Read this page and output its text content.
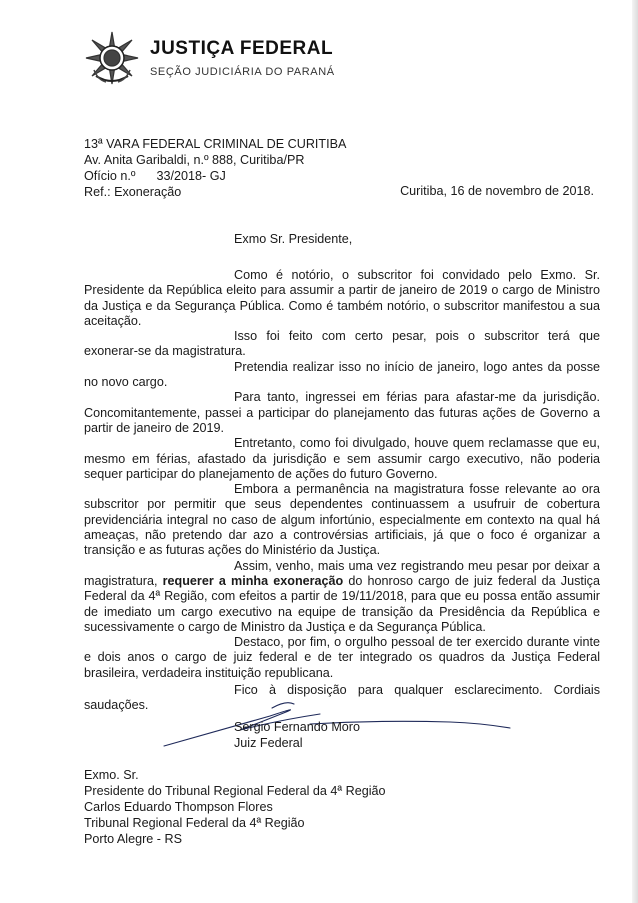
JUSTIÇA FEDERAL
SEÇÃO JUDICIÁRIA DO PARANÁ
13ª VARA FEDERAL CRIMINAL DE CURITIBA
Av. Anita Garibaldi, n.º 888, Curitiba/PR
Ofício n.º      33/2018- GJ
Ref.: Exoneração	Curitiba, 16 de novembro de 2018.
Exmo Sr. Presidente,

Como é notório, o subscritor foi convidado pelo Exmo. Sr. Presidente da República eleito para assumir a partir de janeiro de 2019 o cargo de Ministro da Justiça e da Segurança Pública. Como é também notório, o subscritor manifestou a sua aceitação.

Isso foi feito com certo pesar, pois o subscritor terá que exonerar-se da magistratura.

Pretendia realizar isso no início de janeiro, logo antes da posse no novo cargo.

Para tanto, ingressei em férias para afastar-me da jurisdição. Concomitantemente, passei a participar do planejamento das futuras ações de Governo a partir de janeiro de 2019.

Entretanto, como foi divulgado, houve quem reclamasse que eu, mesmo em férias, afastado da jurisdição e sem assumir cargo executivo, não poderia sequer participar do planejamento de ações do futuro Governo.

Embora a permanência na magistratura fosse relevante ao ora subscritor por permitir que seus dependentes continuassem a usufruir de cobertura previdenciária integral no caso de algum infortúnio, especialmente em contexto na qual há ameaças, não pretendo dar azo a controvérsias artificiais, já que o foco é organizar a transição e as futuras ações do Ministério da Justiça.

Assim, venho, mais uma vez registrando meu pesar por deixar a magistratura, requerer a minha exoneração do honroso cargo de juiz federal da Justiça Federal da 4ª Região, com efeitos a partir de 19/11/2018, para que eu possa então assumir de imediato um cargo executivo na equipe de transição da Presidência da República e sucessivamente o cargo de Ministro da Justiça e da Segurança Pública.

Destaco, por fim, o orgulho pessoal de ter exercido durante vinte e dois anos o cargo de juiz federal e de ter integrado os quadros da Justiça Federal brasileira, verdadeira instituição republicana.

Fico à disposição para qualquer esclarecimento. Cordiais
saudações.
Sergio Fernando Moro
Juiz Federal
Exmo. Sr.
Presidente do Tribunal Regional Federal da 4ª Região
Carlos Eduardo Thompson Flores
Tribunal Regional Federal da 4ª Região
Porto Alegre - RS
